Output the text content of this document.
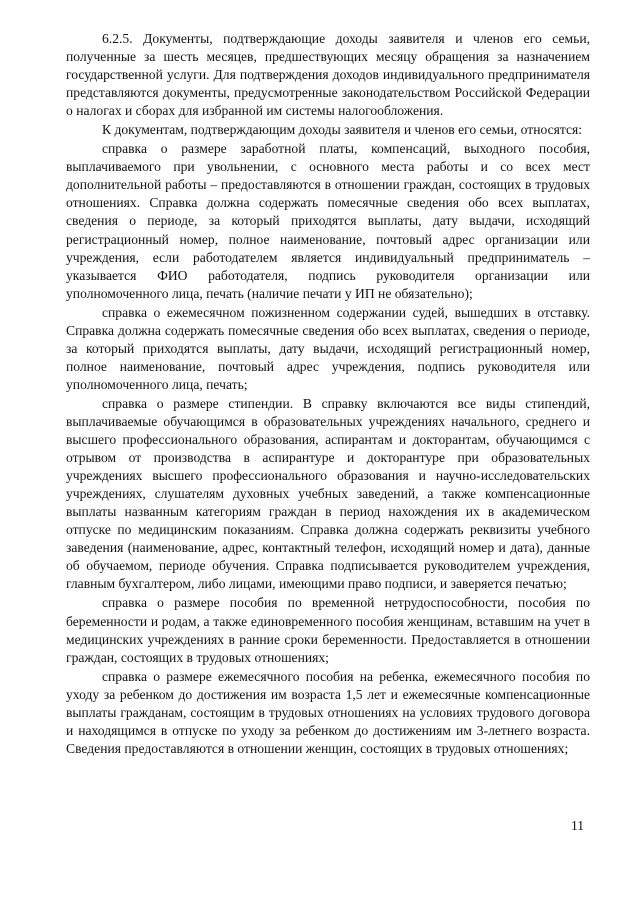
6.2.5. Документы, подтверждающие доходы заявителя и членов его семьи, полученные за шесть месяцев, предшествующих месяцу обращения за назначением государственной услуги. Для подтверждения доходов индивидуального предпринимателя представляются документы, предусмотренные законодательством Российской Федерации о налогах и сборах для избранной им системы налогообложения.

К документам, подтверждающим доходы заявителя и членов его семьи, относятся:

справка о размере заработной платы, компенсаций, выходного пособия, выплачиваемого при увольнении, с основного места работы и со всех мест дополнительной работы – предоставляются в отношении граждан, состоящих в трудовых отношениях. Справка должна содержать помесячные сведения обо всех выплатах, сведения о периоде, за который приходятся выплаты, дату выдачи, исходящий регистрационный номер, полное наименование, почтовый адрес организации или учреждения, если работодателем является индивидуальный предприниматель – указывается ФИО работодателя, подпись руководителя организации или уполномоченного лица, печать (наличие печати у ИП не обязательно);

справка о ежемесячном пожизненном содержании судей, вышедших в отставку. Справка должна содержать помесячные сведения обо всех выплатах, сведения о периоде, за который приходятся выплаты, дату выдачи, исходящий регистрационный номер, полное наименование, почтовый адрес учреждения, подпись руководителя или уполномоченного лица, печать;

справка о размере стипендии. В справку включаются все виды стипендий, выплачиваемые обучающимся в образовательных учреждениях начального, среднего и высшего профессионального образования, аспирантам и докторантам, обучающимся с отрывом от производства в аспирантуре и докторантуре при образовательных учреждениях высшего профессионального образования и научно-исследовательских учреждениях, слушателям духовных учебных заведений, а также компенсационные выплаты названным категориям граждан в период нахождения их в академическом отпуске по медицинским показаниям. Справка должна содержать реквизиты учебного заведения (наименование, адрес, контактный телефон, исходящий номер и дата), данные об обучаемом, периоде обучения. Справка подписывается руководителем учреждения, главным бухгалтером, либо лицами, имеющими право подписи, и заверяется печатью;

справка о размере пособия по временной нетрудоспособности, пособия по беременности и родам, а также единовременного пособия женщинам, вставшим на учет в медицинских учреждениях в ранние сроки беременности. Предоставляется в отношении граждан, состоящих в трудовых отношениях;

справка о размере ежемесячного пособия на ребенка, ежемесячного пособия по уходу за ребенком до достижения им возраста 1,5 лет и ежемесячные компенсационные выплаты гражданам, состоящим в трудовых отношениях на условиях трудового договора и находящимся в отпуске по уходу за ребенком до достижениям им 3-летнего возраста. Сведения предоставляются в отношении женщин, состоящих в трудовых отношениях;

11
